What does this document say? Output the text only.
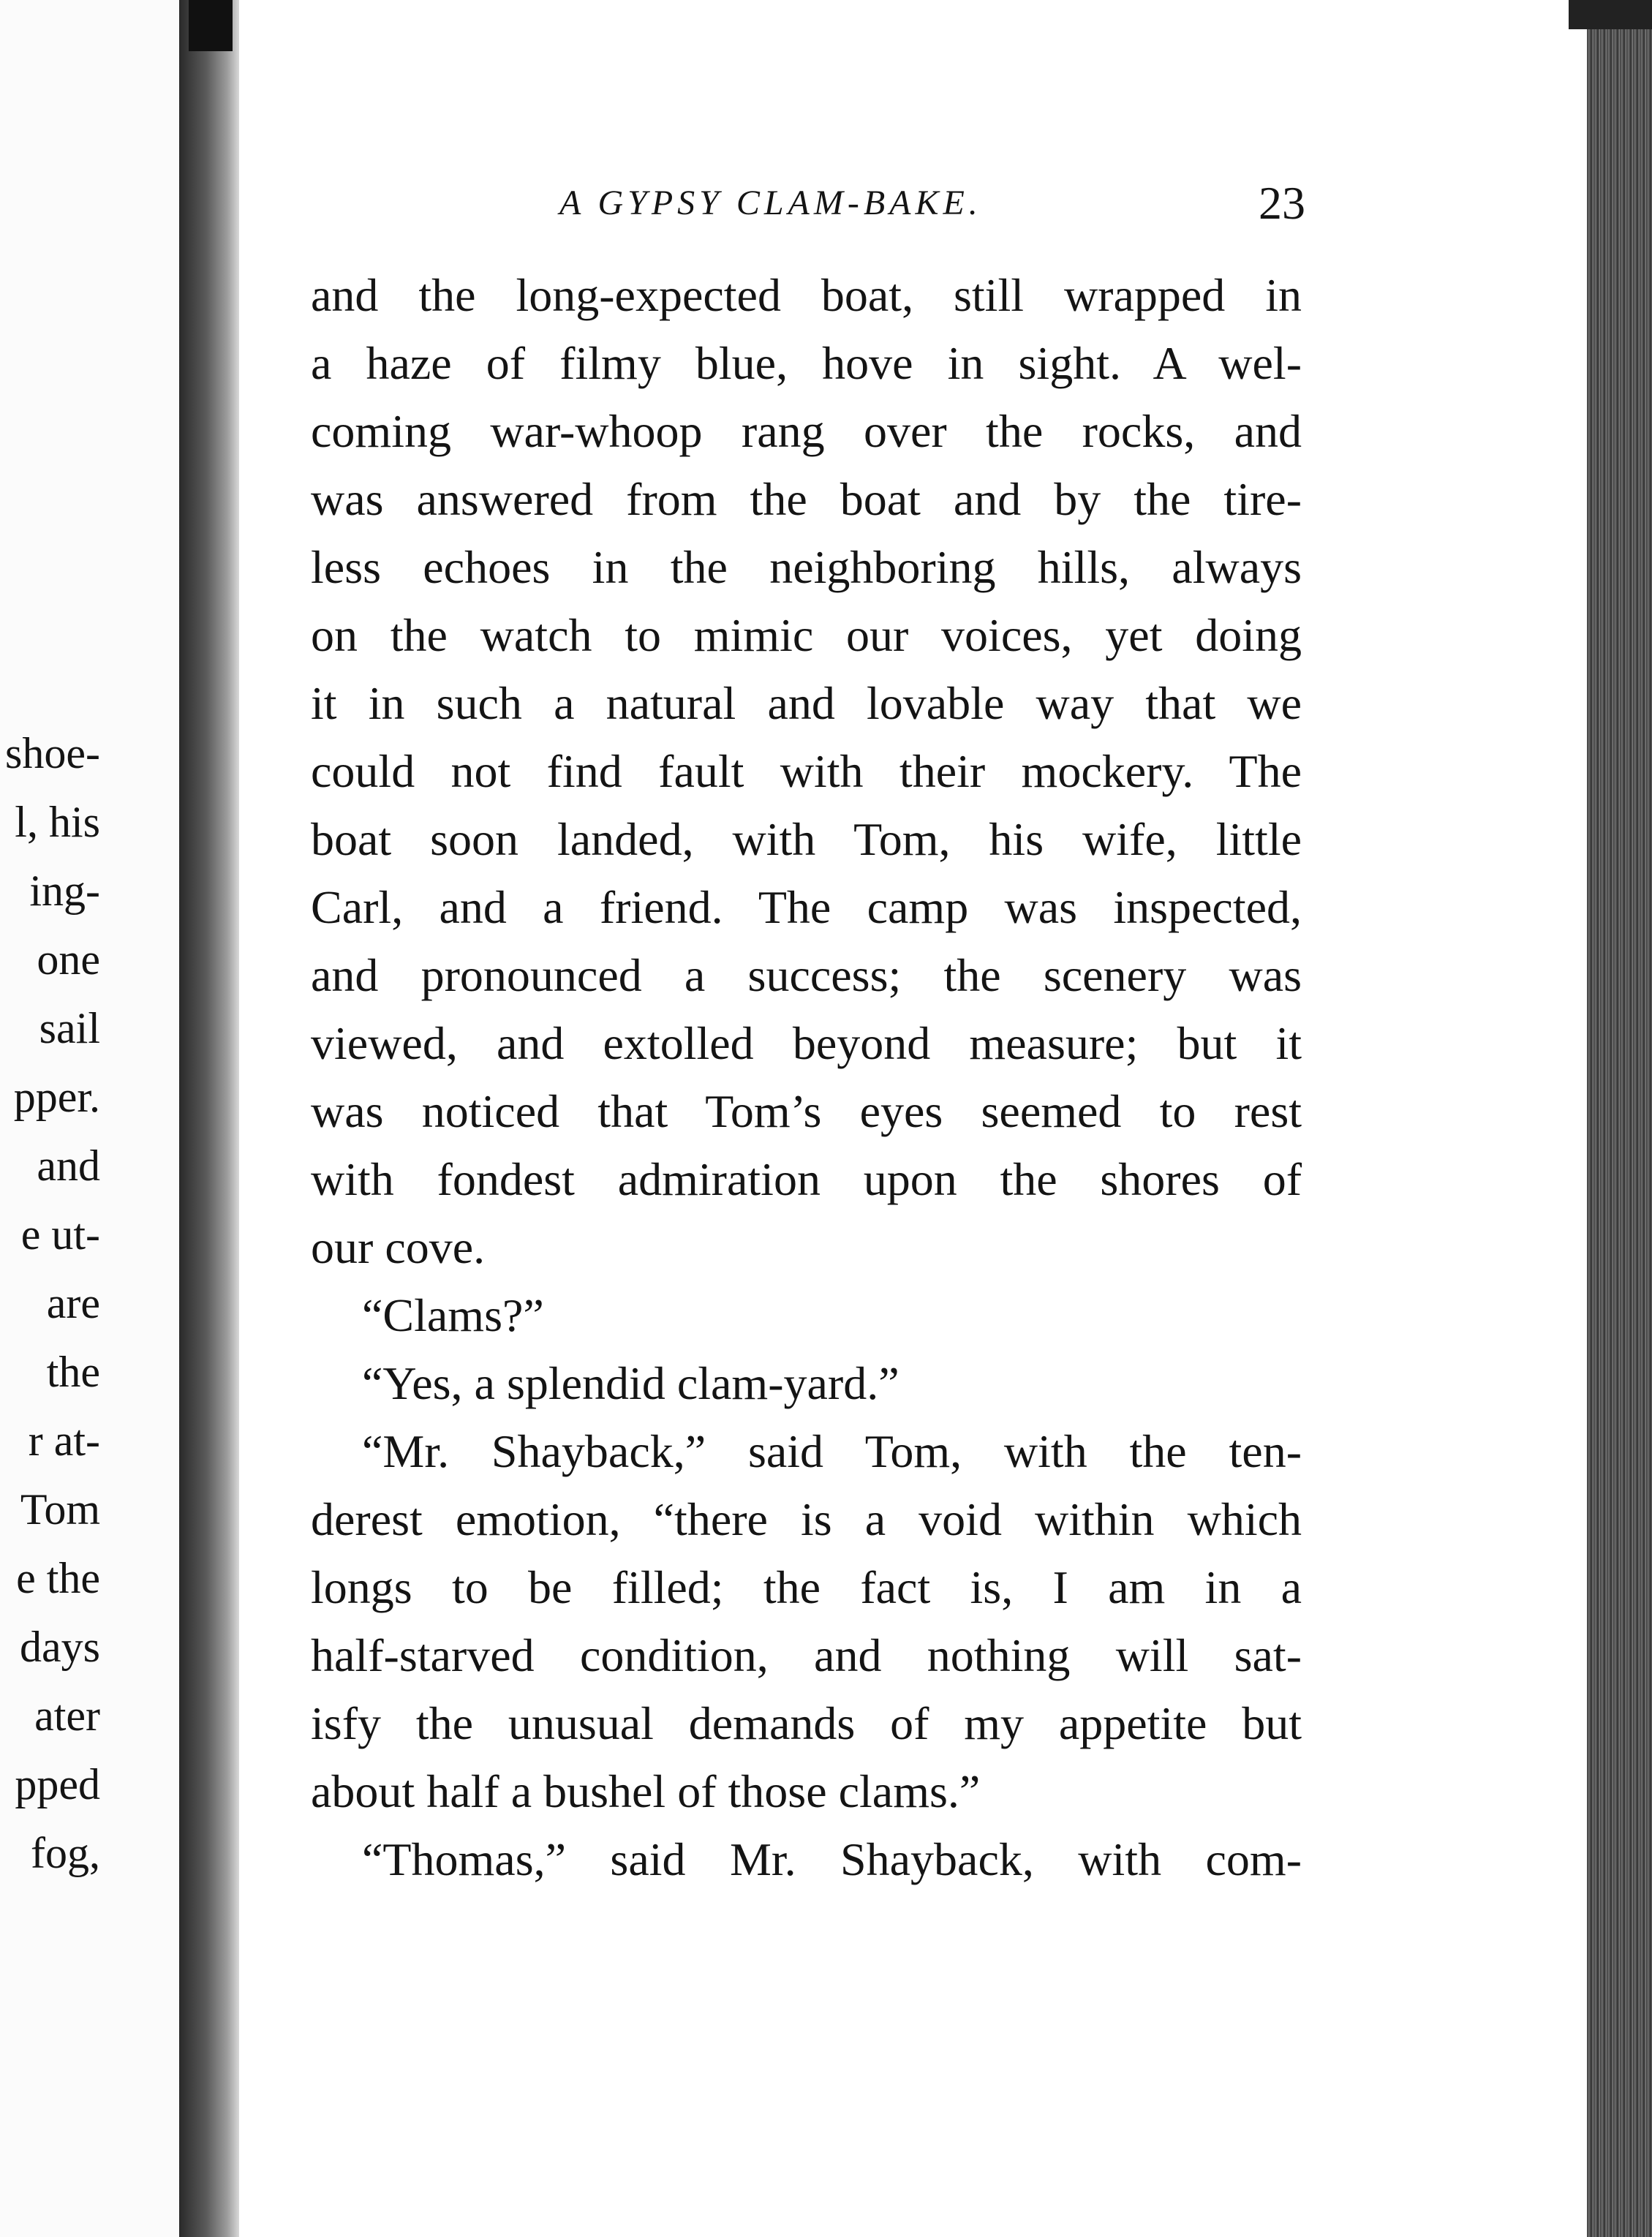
shoe-
l, his
ing-
one
sail
pper.
and
e ut-
are
the
r at-
Tom
e the
days
ater
pped
fog,
A GYPSY CLAM-BAKE.	23
and the long-expected boat, still wrapped in
a haze of filmy blue, hove in sight. A wel-
coming war-whoop rang over the rocks, and
was answered from the boat and by the tire-
less echoes in the neighboring hills, always
on the watch to mimic our voices, yet doing
it in such a natural and lovable way that we
could not find fault with their mockery. The
boat soon landed, with Tom, his wife, little
Carl, and a friend. The camp was inspected,
and pronounced a success; the scenery was
viewed, and extolled beyond measure; but it
was noticed that Tom’s eyes seemed to rest
with fondest admiration upon the shores of
our cove.
“Clams?”
“Yes, a splendid clam-yard.”
“Mr. Shayback,” said Tom, with the ten-
derest emotion, “there is a void within which
longs to be filled; the fact is, I am in a
half-starved condition, and nothing will sat-
isfy the unusual demands of my appetite but
about half a bushel of those clams.”
“Thomas,” said Mr. Shayback, with com-
